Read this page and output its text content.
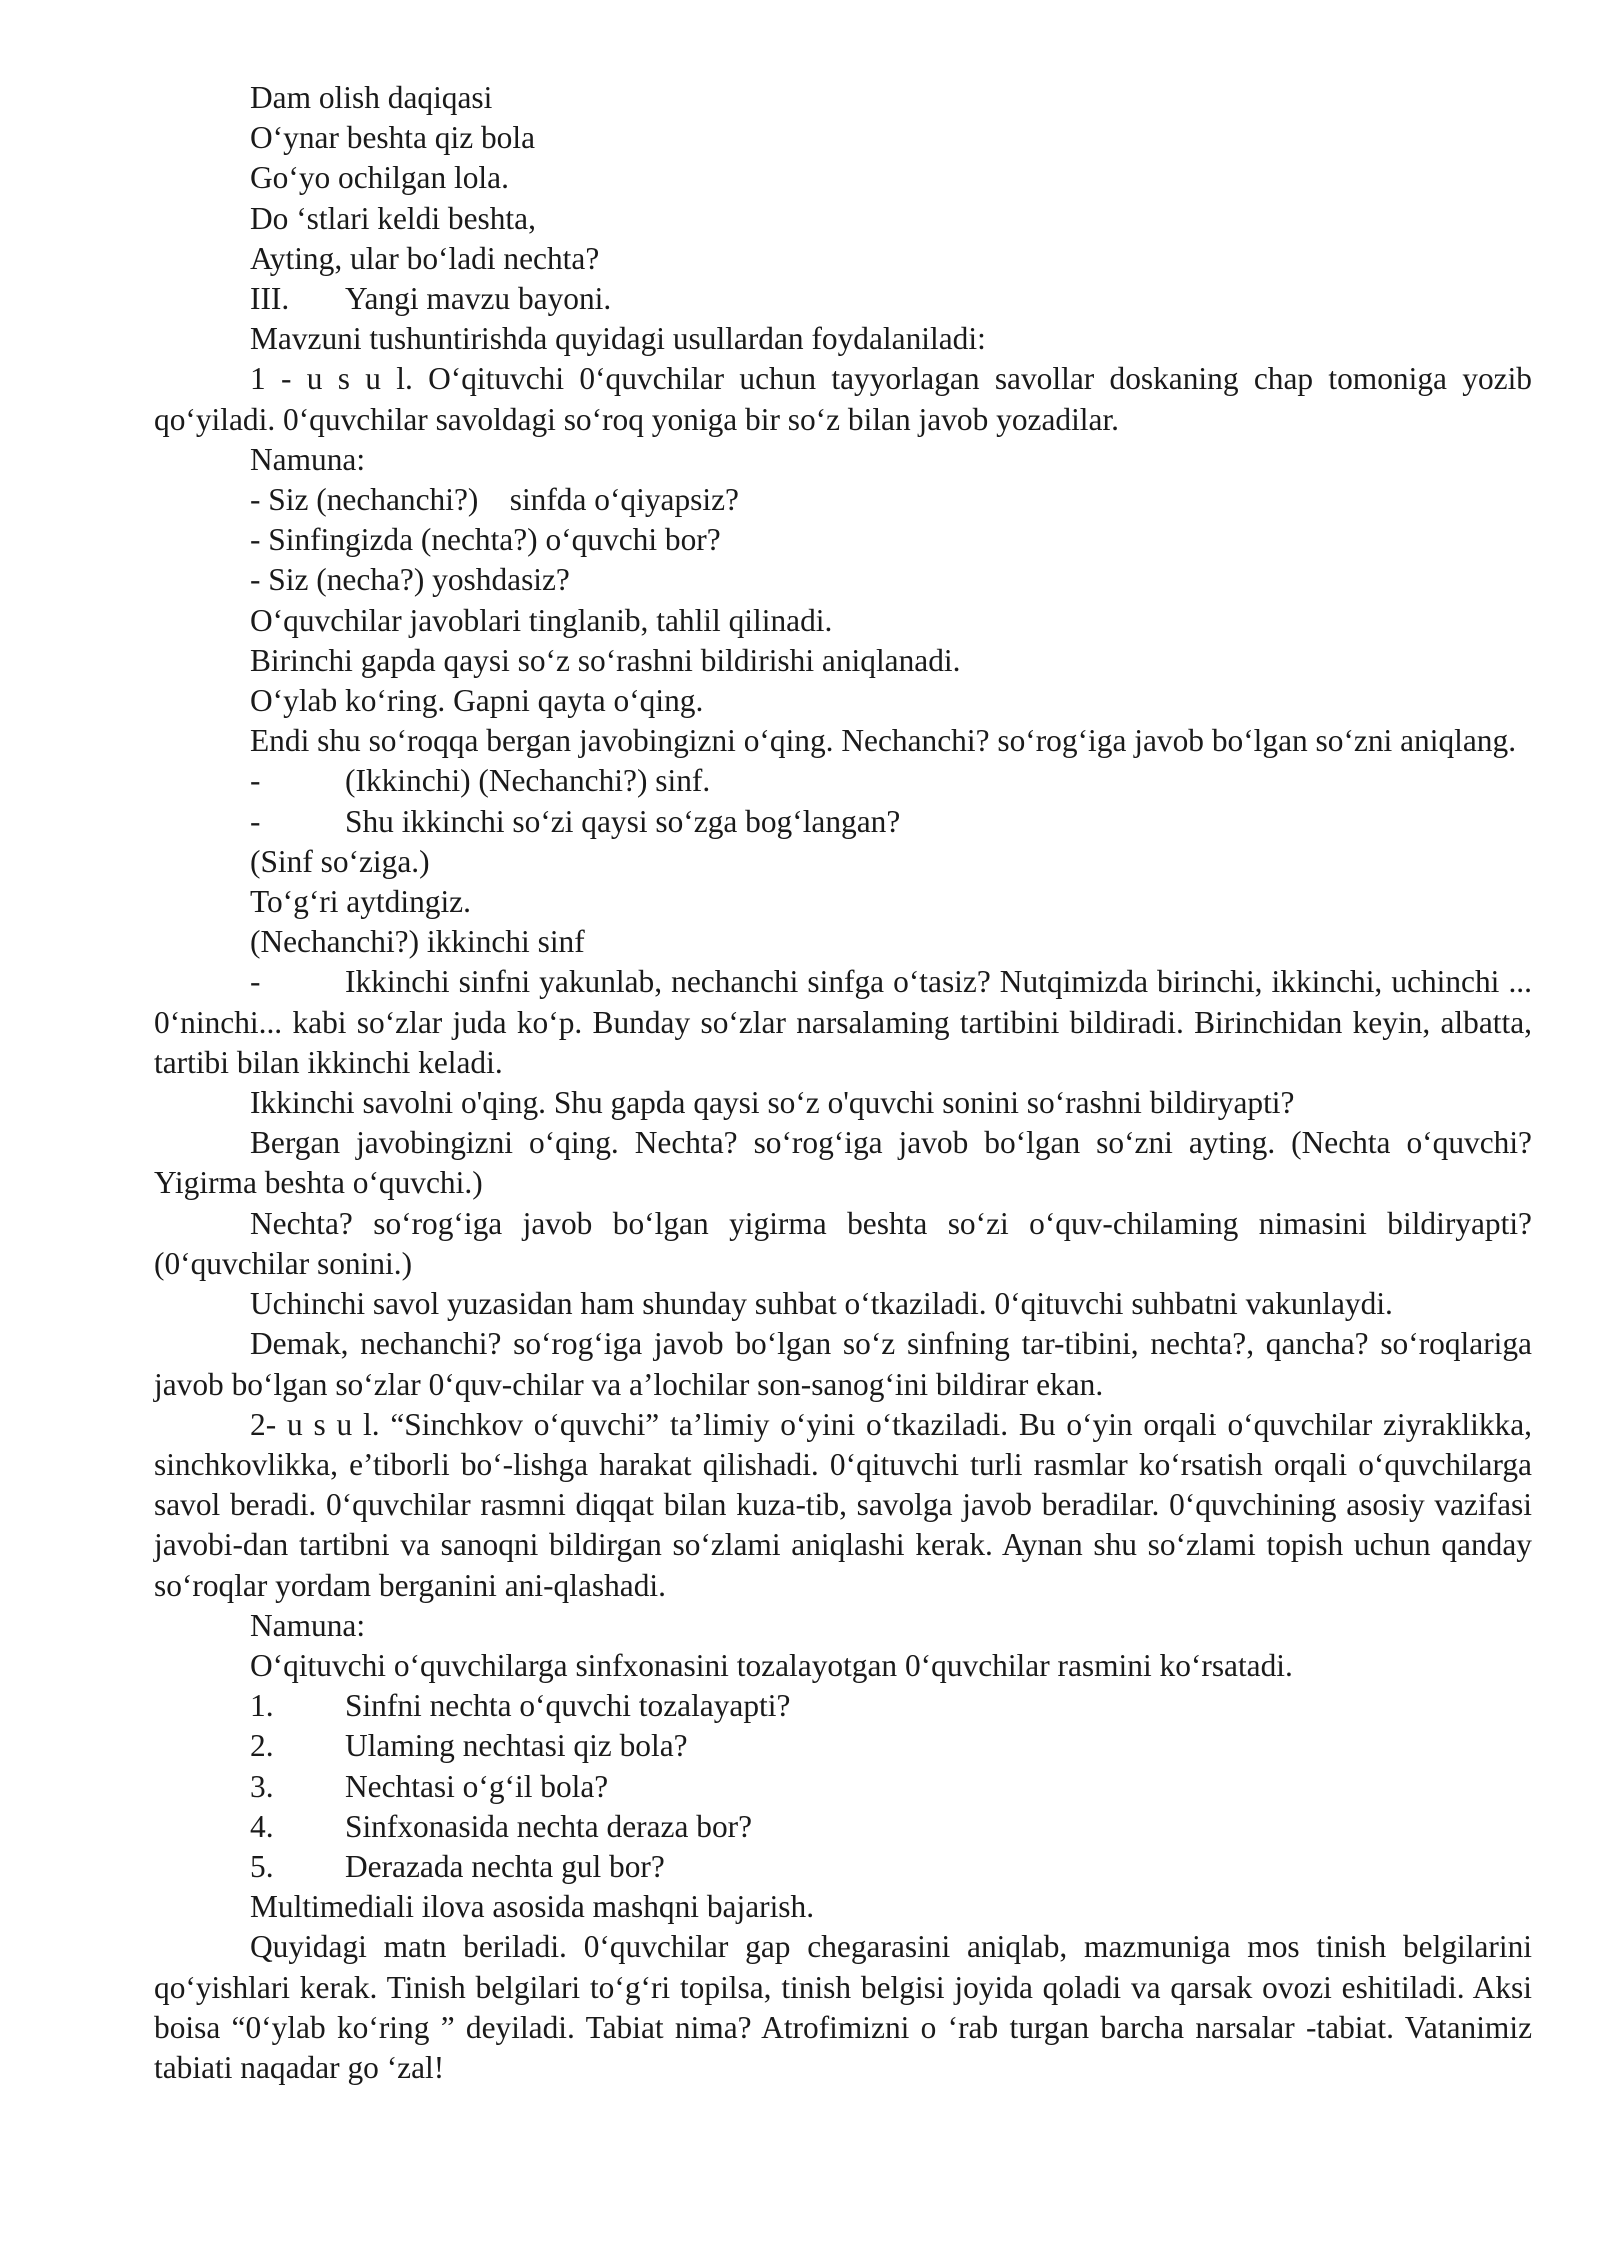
Dam olish daqiqasi

O‘ynar beshta qiz bola

Go‘yo ochilgan lola.

Do ‘stlari keldi beshta,

Ayting, ular bo‘ladi nechta?

III.	Yangi mavzu bayoni.

Mavzuni tushuntirishda quyidagi usullardan foydalaniladi:

1 - u s u l. O‘qituvchi 0‘quvchilar uchun tayyorlagan savollar doskaning chap tomoniga yozib qo‘yiladi. 0‘quvchilar savoldagi so‘roq yoniga bir so‘z bilan javob yozadilar.

Namuna:

- Siz (nechanchi?)    sinfda o‘qiyapsiz?

- Sinfingizda (nechta?) o‘quvchi bor?

- Siz (necha?) yoshdasiz?

O‘quvchilar javoblari tinglanib, tahlil qilinadi.

Birinchi gapda qaysi so‘z so‘rashni bildirishi aniqlanadi.

O‘ylab ko‘ring. Gapni qayta o‘qing.

Endi shu so‘roqqa bergan javobingizni o‘qing. Nechanchi? so‘rog‘iga javob bo‘lgan so‘zni aniqlang.

-	(Ikkinchi) (Nechanchi?) sinf.
-	Shu ikkinchi so‘zi qaysi so‘zga bog‘langan?

(Sinf so‘ziga.)

To‘g‘ri aytdingiz.

(Nechanchi?) ikkinchi sinf

-	Ikkinchi sinfni yakunlab, nechanchi sinfga o‘tasiz? Nutqimizda birinchi, ikkinchi, uchinchi ... 0‘ninchi... kabi so‘zlar juda ko‘p. Bunday so‘zlar narsalaming tartibini bildiradi. Birinchidan keyin, albatta, tartibi bilan ikkinchi keladi.

Ikkinchi savolni o'qing. Shu gapda qaysi so‘z o'quvchi sonini so‘rashni bildiryapti?

Bergan javobingizni o‘qing. Nechta? so‘rog‘iga javob bo‘lgan so‘zni ayting. (Nechta o‘quvchi? Yigirma beshta o‘quvchi.)

Nechta? so‘rog‘iga javob bo‘lgan yigirma beshta so‘zi o‘quv-chilaming nimasini bildiryapti? (0‘quvchilar sonini.)

Uchinchi savol yuzasidan ham shunday suhbat o‘tkaziladi. 0‘qituvchi suhbatni vakunlaydi.

Demak, nechanchi? so‘rog‘iga javob bo‘lgan so‘z sinfning tar-tibini, nechta?, qancha? so‘roqlariga javob bo‘lgan so‘zlar 0‘quv-chilar va a’lochilar son-sanog‘ini bildirar ekan.

2- u s u l. “Sinchkov o‘quvchi” ta’limiy o‘yini o‘tkaziladi. Bu o‘yin orqali o‘quvchilar ziyraklikka, sinchkovlikka, e’tiborli bo‘-lishga harakat qilishadi. 0‘qituvchi turli rasmlar ko‘rsatish orqali o‘quvchilarga savol beradi. 0‘quvchilar rasmni diqqat bilan kuza-tib, savolga javob beradilar. 0‘quvchining asosiy vazifasi javobi-dan tartibni va sanoqni bildirgan so‘zlami aniqlashi kerak. Aynan shu so‘zlami topish uchun qanday so‘roqlar yordam berganini ani-qlashadi.

Namuna:

O‘qituvchi o‘quvchilarga sinfxonasini tozalayotgan 0‘quvchilar rasmini ko‘rsatadi.

1.	Sinfni nechta o‘quvchi tozalayapti?
2.	Ulaming nechtasi qiz bola?
3.	Nechtasi o‘g‘il bola?
4.	Sinfxonasida nechta deraza bor?
5.	Derazada nechta gul bor?

Multimediali ilova asosida mashqni bajarish.

Quyidagi matn beriladi. 0‘quvchilar gap chegarasini aniqlab, mazmuniga mos tinish belgilarini qo‘yishlari kerak. Tinish belgilari to‘g‘ri topilsa, tinish belgisi joyida qoladi va qarsak ovozi eshitiladi. Aksi boisa “0‘ylab ko‘ring ” deyiladi. Tabiat nima? Atrofimizni o ‘rab turgan barcha narsalar -tabiat. Vatanimiz tabiati naqadar go ‘zal!
